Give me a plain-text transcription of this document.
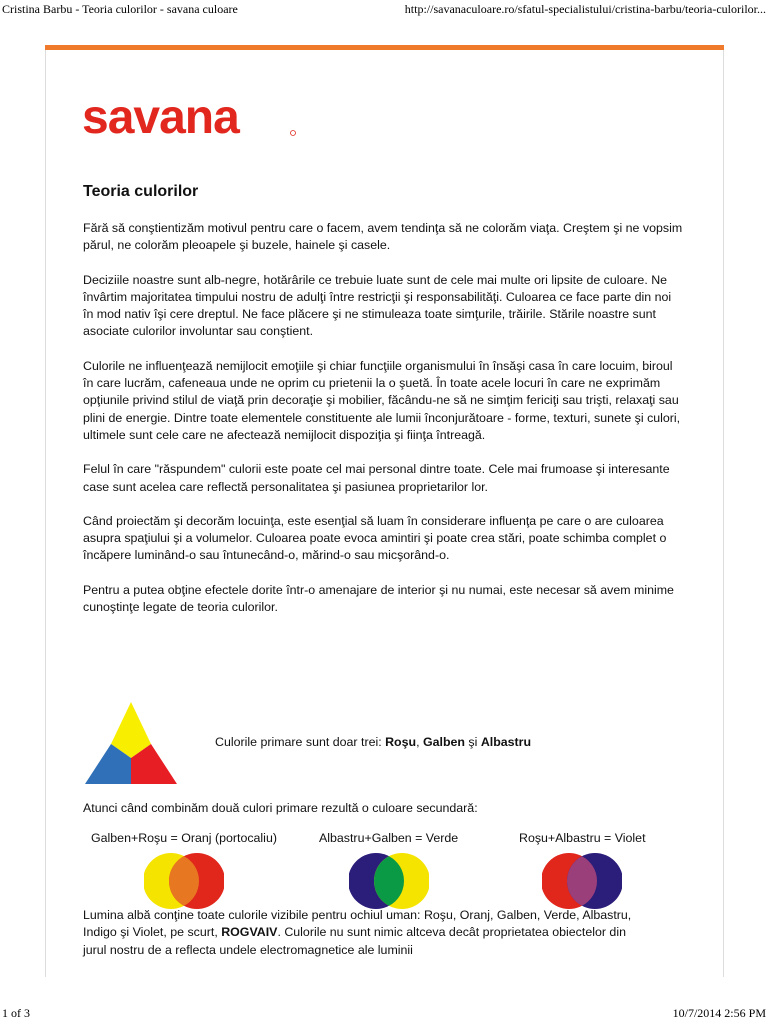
Cristina Barbu - Teoria culorilor - savana culoare	http://savanaculoare.ro/sfatul-specialistului/cristina-barbu/teoria-culorilor...
savana
Teoria culorilor

Fără să conştientizăm motivul pentru care o facem, avem tendinţa să ne colorăm viaţa. Creştem şi ne vopsim părul, ne colorăm pleoapele şi buzele, hainele şi casele.

Deciziile noastre sunt alb-negre, hotărârile ce trebuie luate sunt de cele mai multe ori lipsite de culoare. Ne învârtim majoritatea timpului nostru de adulţi între restricţii şi responsabilităţi. Culoarea ce face parte din noi în mod nativ îşi cere dreptul. Ne face plăcere şi ne stimuleaza toate simţurile, trăirile. Stările noastre sunt asociate culorilor involuntar sau conştient.

Culorile ne influenţează nemijlocit emoţiile şi chiar funcţiile organismului în însăşi casa în care locuim, biroul în care lucrăm, cafeneaua unde ne oprim cu prietenii la o şuetă. În toate acele locuri în care ne exprimăm opţiunile privind stilul de viaţă prin decoraţie şi mobilier, făcându-ne să ne simţim fericiţi sau trişti, relaxaţi sau plini de energie. Dintre toate elementele constituente ale lumii înconjurătoare - forme, texturi, sunete şi culori, ultimele sunt cele care ne afectează nemijlocit dispoziţia şi fiinţa întreagă.

Felul în care "răspundem" culorii este poate cel mai personal dintre toate. Cele mai frumoase şi interesante case sunt acelea care reflectă personalitatea şi pasiunea proprietarilor lor.

Când proiectăm şi decorăm locuinţa, este esenţial să luam în considerare influenţa pe care o are culoarea asupra spaţiului şi a volumelor. Culoarea poate evoca amintiri şi poate crea stări, poate schimba complet o încăpere luminând-o sau întunecând-o, mărind-o sau micşorând-o.

Pentru a putea obţine efectele dorite într-o amenajare de interior şi nu numai, este necesar să avem minime cunoştinţe legate de teoria culorilor.

Culorile primare sunt doar trei: Roşu, Galben şi Albastru
Atunci când combinăm două culori primare rezultă o culoare secundară:
Galben+Roşu = Oranj (portocaliu)	Albastru+Galben = Verde	Roşu+Albastru = Violet
Lumina albă conţine toate culorile vizibile pentru ochiul uman: Roşu, Oranj, Galben, Verde, Albastru, Indigo şi Violet, pe scurt, ROGVAIV. Culorile nu sunt nimic altceva decât proprietatea obiectelor din jurul nostru de a reflecta undele electromagnetice ale luminii
1 of 3	10/7/2014 2:56 PM
